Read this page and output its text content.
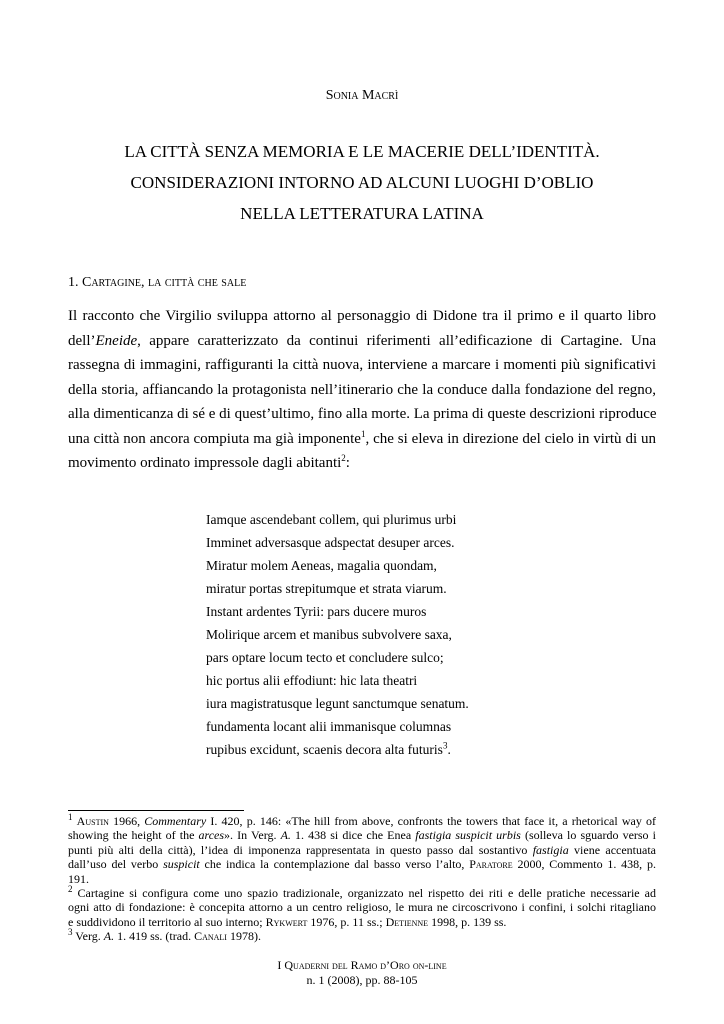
Sonia Macrì
LA CITTÀ SENZA MEMORIA E LE MACERIE DELL’IDENTITÀ.
CONSIDERAZIONI INTORNO AD ALCUNI LUOGHI D’OBLIO
NELLA LETTERATURA LATINA
1. Cartagine, la città che sale
Il racconto che Virgilio sviluppa attorno al personaggio di Didone tra il primo e il quarto libro
dell’Eneide, appare caratterizzato da continui riferimenti all’edificazione di Cartagine. Una
rassegna di immagini, raffiguranti la città nuova, interviene a marcare i momenti più significativi
della storia, affiancando la protagonista nell’itinerario che la conduce dalla fondazione del regno,
alla dimenticanza di sé e di quest’ultimo, fino alla morte. La prima di queste descrizioni riproduce
una città non ancora compiuta ma già imponente$^1$, che si eleva in direzione del cielo in virtù di un
movimento ordinato impressole dagli abitanti$^2$:
Iamque ascendebant collem, qui plurimus urbi
Imminet adversasque adspectat desuper arces.
Miratur molem Aeneas, magalia quondam,
miratur portas strepitumque et strata viarum.
Instant ardentes Tyrii: pars ducere muros
Molirique arcem et manibus subvolvere saxa,
pars optare locum tecto et concludere sulco;
hic portus alii effodiunt: hic lata theatri
iura magistratusque legunt sanctumque senatum.
fundamenta locant alii immanisque columnas
rupibus excidunt, scaenis decora alta futuris$^3$.
$^1$ Austin 1966, Commentary I. 420, p. 146: «The hill from above, confronts the towers that face it, a rhetorical way of
showing the height of the arces». In Verg. A. 1. 438 si dice che Enea fastigia suspicit urbis (solleva lo sguardo verso i
punti più alti della città), l’idea di imponenza rappresentata in questo passo dal sostantivo fastigia viene accentuata
dall’uso del verbo suspicit che indica la contemplazione dal basso verso l’alto, Paratore 2000, Commento 1. 438, p.
191.
$^2$ Cartagine si configura come uno spazio tradizionale, organizzato nel rispetto dei riti e delle pratiche necessarie ad
ogni atto di fondazione: è concepita attorno a un centro religioso, le mura ne circoscrivono i confini, i solchi ritagliano
e suddividono il territorio al suo interno; Rykwert 1976, p. 11 ss.; Detienne 1998, p. 139 ss.
$^3$ Verg. A. 1. 419 ss. (trad. Canali 1978).
I Quaderni del Ramo d’Oro on-line
n. 1 (2008), pp. 88-105
